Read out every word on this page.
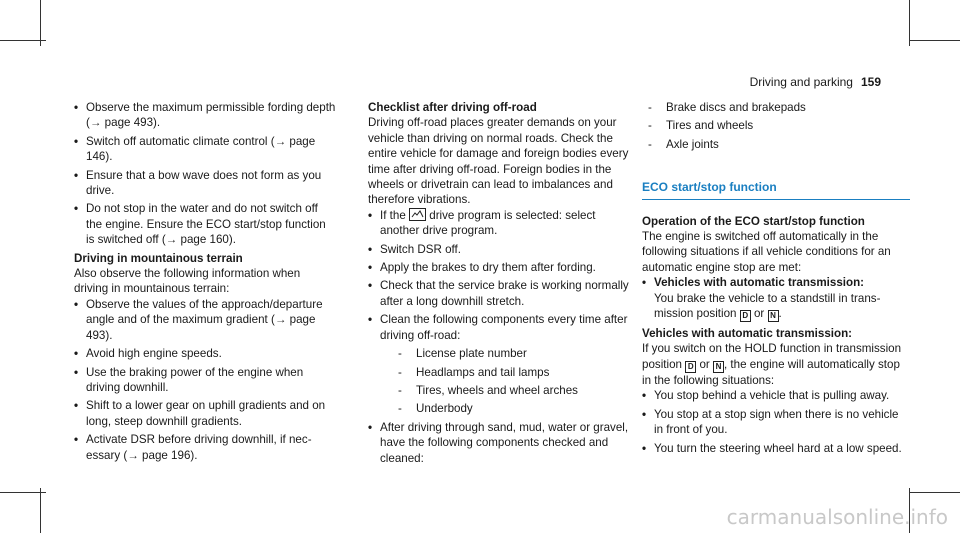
Driving and parking 159
• Observe the maximum permissible fording depth (→ page 493).
• Switch off automatic climate control (→ page 146).
• Ensure that a bow wave does not form as you drive.
• Do not stop in the water and do not switch off the engine. Ensure the ECO start/stop function is switched off (→ page 160).
Driving in mountainous terrain

Also observe the following information when driving in mountainous terrain:

• Observe the values of the approach/departure angle and of the maximum gradient (→ page 493).
• Avoid high engine speeds.
• Use the braking power of the engine when driving downhill.
• Shift to a lower gear on uphill gradients and on long, steep downhill gradients.
• Activate DSR before driving downhill, if necessary (→ page 196).
Checklist after driving off-road

Driving off-road places greater demands on your vehicle than driving on normal roads. Check the entire vehicle for damage and foreign bodies every time after driving off-road. Foreign bodies in the wheels or drivetrain can lead to imbalances and therefore vibrations.

• If the drive program is selected: select another drive program.
• Switch DSR off.
• Apply the brakes to dry them after fording.
• Check that the service brake is working normally after a long downhill stretch.
• Clean the following components every time after driving off-road:
- License plate number
- Headlamps and tail lamps
- Tires, wheels and wheel arches
- Underbody
• After driving through sand, mud, water or gravel, have the following components checked and cleaned:
- Brake discs and brakepads
- Tires and wheels
- Axle joints
ECO start/stop function
Operation of the ECO start/stop function

The engine is switched off automatically in the following situations if all vehicle conditions for an automatic engine stop are met:

• Vehicles with automatic transmission:
You brake the vehicle to a standstill in transmission position D or N .
Vehicles with automatic transmission:

If you switch on the HOLD function in transmission position D or N , the engine will automatically stop in the following situations:

• You stop behind a vehicle that is pulling away.
• You stop at a stop sign when there is no vehicle in front of you.
• You turn the steering wheel hard at a low speed.
carmanualsonline.info
